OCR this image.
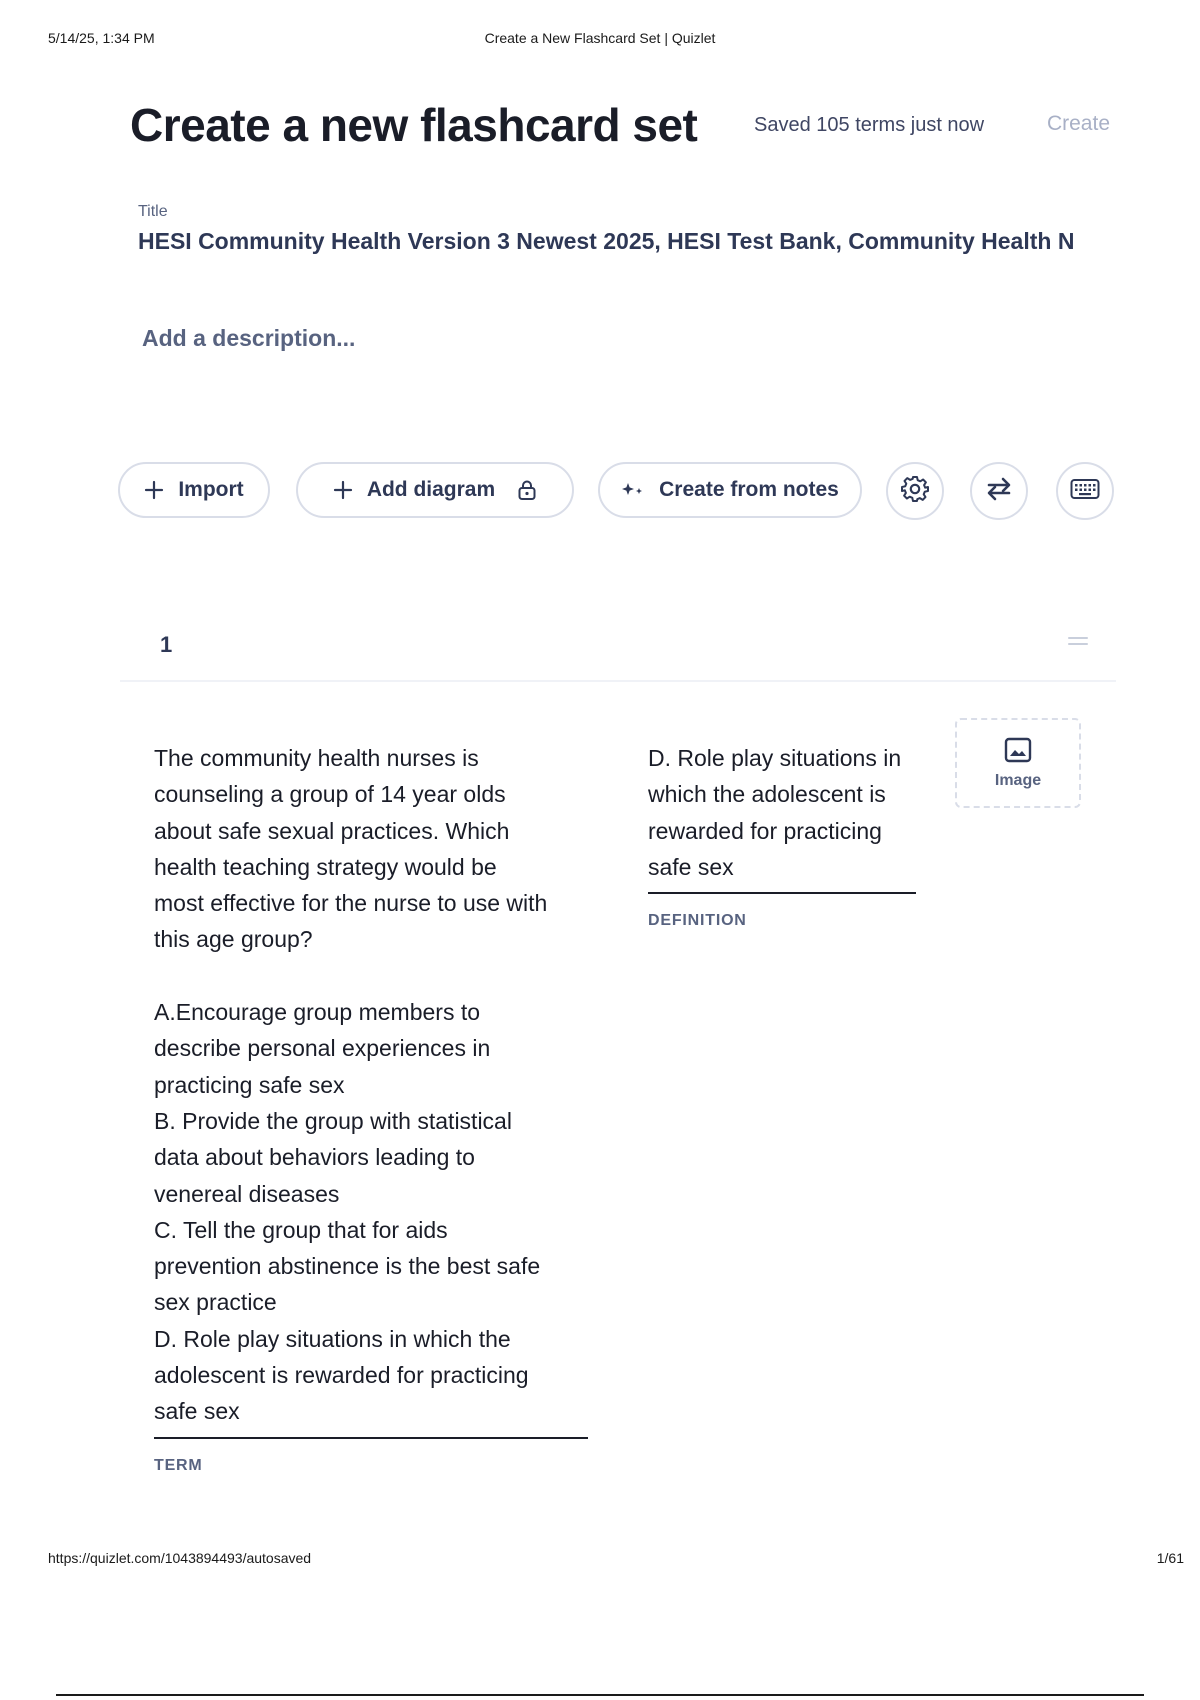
5/14/25, 1:34 PM	Create a New Flashcard Set | Quizlet
Create a new flashcard set	Saved 105 terms just now	Create
Title
HESI Community Health Version 3 Newest 2025, HESI Test Bank, Community Health N
Add a description...
Import	Add diagram	Create from notes
1
The community health nurses is
counseling a group of 14 year olds
about safe sexual practices. Which
health teaching strategy would be
most effective for the nurse to use with
this age group?

A.Encourage group members to
describe personal experiences in
practicing safe sex
B. Provide the group with statistical
data about behaviors leading to
venereal diseases
C. Tell the group that for aids
prevention abstinence is the best safe
sex practice
D. Role play situations in which the
adolescent is rewarded for practicing
safe sex
TERM
D. Role play situations in
which the adolescent is
rewarded for practicing
safe sex
DEFINITION
Image
https://quizlet.com/1043894493/autosaved	1/61
